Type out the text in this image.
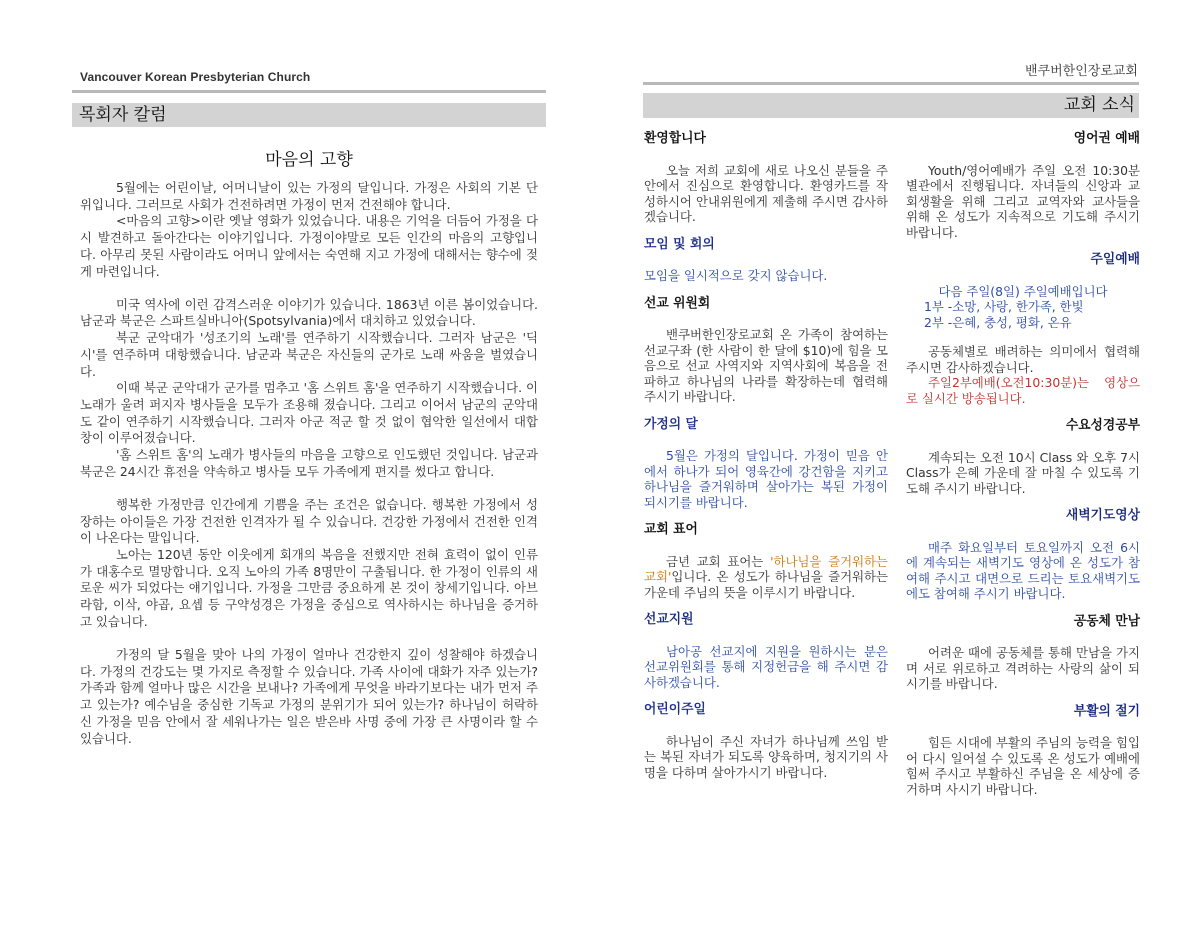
Vancouver Korean Presbyterian Church
목회자 칼럼
마음의 고향

5월에는 어린이날, 어머니날이 있는 가정의 달입니다. 가정은 사회의 기본 단위입니다. 그러므로 사회가 건전하려면 가정이 먼저 건전해야 합니다.

<마음의 고향>이란 옛날 영화가 있었습니다. 내용은 기억을 더듬어 가정을 다시 발견하고 돌아간다는 이야기입니다. 가정이야말로 모든 인간의 마음의 고향입니다. 아무리 못된 사람이라도 어머니 앞에서는 숙연해 지고 가정에 대해서는 향수에 젖게 마련입니다.

미국 역사에 이런 감격스러운 이야기가 있습니다. 1863년 이른 봄이었습니다. 남군과 북군은 스파트실바니아(Spotsylvania)에서 대치하고 있었습니다.

북군 군악대가 '성조기의 노래'를 연주하기 시작했습니다. 그러자 남군은 '딕시'를 연주하며 대항했습니다. 남군과 북군은 자신들의 군가로 노래 싸움을 벌였습니다.

이때 북군 군악대가 군가를 멈추고 '홈 스위트 홈'을 연주하기 시작했습니다. 이 노래가 울려 퍼지자 병사들을 모두가 조용해 졌습니다. 그리고 이어서 남군의 군악대도 같이 연주하기 시작했습니다. 그러자 아군 적군 할 것 없이 협악한 일선에서 대합창이 이루어졌습니다.

'홈 스위트 홈'의 노래가 병사들의 마음을 고향으로 인도했던 것입니다. 남군과 북군은 24시간 휴전을 약속하고 병사들 모두 가족에게 편지를 썼다고 합니다.

행복한 가정만큼 인간에게 기쁨을 주는 조건은 없습니다. 행복한 가정에서 성장하는 아이들은 가장 건전한 인격자가 될 수 있습니다. 건강한 가정에서 건전한 인격이 나온다는 말입니다.

노아는 120년 동안 이웃에게 회개의 복음을 전했지만 전혀 효력이 없이 인류가 대홍수로 멸망합니다. 오직 노아의 가족 8명만이 구출됩니다. 한 가정이 인류의 새로운 씨가 되었다는 얘기입니다. 가정을 그만큼 중요하게 본 것이 창세기입니다. 아브라함, 이삭, 야곱, 요셉 등 구약성경은 가정을 중심으로 역사하시는 하나님을 증거하고 있습니다.

가정의 달 5월을 맞아 나의 가정이 얼마나 건강한지 깊이 성찰해야 하겠습니다. 가정의 건강도는 몇 가지로 측정할 수 있습니다. 가족 사이에 대화가 자주 있는가? 가족과 함께 얼마나 많은 시간을 보내나? 가족에게 무엇을 바라기보다는 내가 먼저 주고 있는가? 예수님을 중심한 기독교 가정의 분위기가 되어 있는가? 하나님이 허락하신 가정을 믿음 안에서 잘 세워나가는 일은 받은바 사명 중에 가장 큰 사명이라 할 수 있습니다.

밴쿠버한인장로교회
교회 소식
환영합니다
오늘 저희 교회에 새로 나오신 분들을 주 안에서 진심으로 환영합니다. 환영카드를 작성하시어 안내위원에게 제출해 주시면 감사하겠습니다.
모임 및 회의
모임을 일시적으로 갖지 않습니다.
선교 위원회
밴쿠버한인장로교회 온 가족이 참여하는 선교구좌 (한 사람이 한 달에 $10)에 힘을 모음으로 선교 사역지와 지역사회에 복음을 전파하고 하나님의 나라를 확장하는데 협력해 주시기 바랍니다.
가정의 달
5월은 가정의 달입니다. 가정이 믿음 안에서 하나가 되어 영육간에 강건함을 지키고 하나님을 즐거워하며 살아가는 복된 가정이 되시기를 바랍니다.
교회 표어
금년 교회 표어는 '하나님을 즐거워하는 교회'입니다. 온 성도가 하나님을 즐거워하는 가운데 주님의 뜻을 이루시기 바랍니다.
선교지원
남아공 선교지에 지원을 원하시는 분은 선교위원회를 통해 지정헌금을 해 주시면 감사하겠습니다.
어린이주일
하나님이 주신 자녀가 하나님께 쓰임 받는 복된 자녀가 되도록 양육하며, 청지기의 사명을 다하며 살아가시기 바랍니다.
영어권 예배
Youth/영어예배가 주일 오전 10:30분 별관에서 진행됩니다. 자녀들의 신앙과 교회생활을 위해 그리고 교역자와 교사들을 위해 온 성도가 지속적으로 기도해 주시기 바랍니다.
주일예배
다음 주일(8일) 주일예배입니다
1부 -소망, 사랑, 한가족, 한빛
2부 -은혜, 충성, 평화, 온유
공동체별로 배려하는 의미에서 협력해 주시면 감사하겠습니다.
주일2부예배(오전10:30분)는 영상으로 실시간 방송됩니다.
수요성경공부
계속되는 오전 10시 Class 와 오후 7시 Class가 은혜 가운데 잘 마칠 수 있도록 기도해 주시기 바랍니다.
새벽기도영상
매주 화요일부터 토요일까지 오전 6시에 계속되는 새벽기도 영상에 온 성도가 참여해 주시고 대면으로 드리는 토요새벽기도에도 참여해 주시기 바랍니다.
공동체 만남
어려운 때에 공동체를 통해 만남을 가지며 서로 위로하고 격려하는 사랑의 삶이 되시기를 바랍니다.
부활의 절기
힘든 시대에 부활의 주님의 능력을 힘입어 다시 일어설 수 있도록 온 성도가 예배에 힘써 주시고 부활하신 주님을 온 세상에 증거하며 사시기 바랍니다.
